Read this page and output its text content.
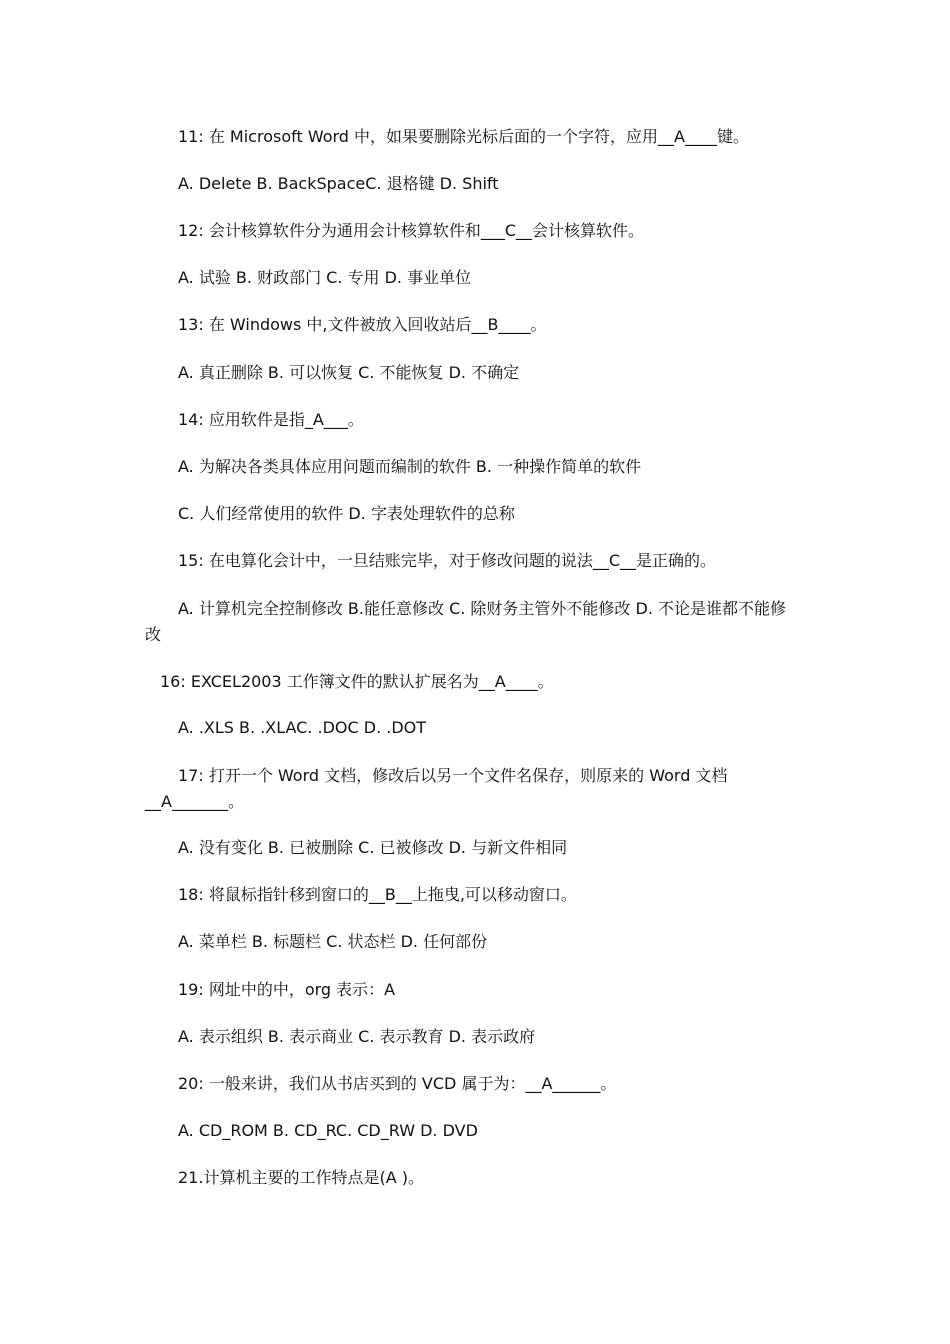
11: 在 Microsoft Word 中，如果要删除光标后面的一个字符，应用__A____键。
A. Delete B. BackSpaceC. 退格键 D. Shift
12: 会计核算软件分为通用会计核算软件和___C__会计核算软件。
A. 试验 B. 财政部门 C. 专用 D. 事业单位
13: 在 Windows 中,文件被放入回收站后__B____。
A. 真正删除 B. 可以恢复 C. 不能恢复 D. 不确定
14: 应用软件是指_A___。
A. 为解决各类具体应用问题而编制的软件 B. 一种操作简单的软件
C. 人们经常使用的软件 D. 字表处理软件的总称
15: 在电算化会计中，一旦结账完毕，对于修改问题的说法__C__是正确的。
A. 计算机完全控制修改 B.能任意修改 C. 除财务主管外不能修改 D. 不论是谁都不能修改
16: EXCEL2003 工作簿文件的默认扩展名为__A____。
A. .XLS B. .XLAC. .DOC D. .DOT
17: 打开一个 Word 文档，修改后以另一个文件名保存，则原来的 Word 文档__A_______。
A. 没有变化 B. 已被删除 C. 已被修改 D. 与新文件相同
18: 将鼠标指针移到窗口的__B__上拖曳,可以移动窗口。
A. 菜单栏 B. 标题栏 C. 状态栏 D. 任何部份
19: 网址中的中，org 表示：A
A. 表示组织 B. 表示商业 C. 表示教育 D. 表示政府
20: 一般来讲，我们从书店买到的 VCD 属于为：__A______。
A. CD_ROM B. CD_RC. CD_RW D. DVD
21.计算机主要的工作特点是(A )。
